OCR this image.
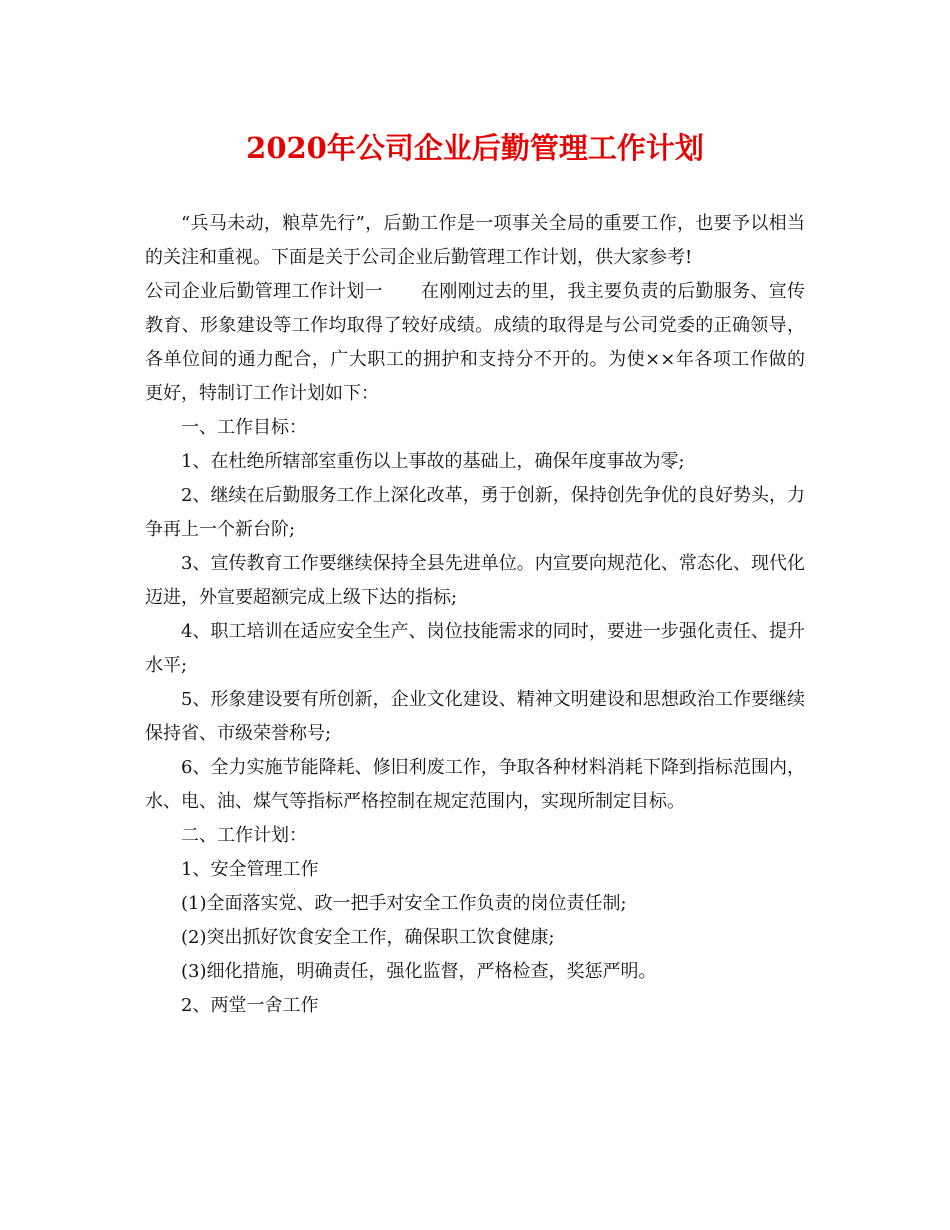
2020年公司企业后勤管理工作计划

“兵马未动，粮草先行”，后勤工作是一项事关全局的重要工作，也要予以相当的关注和重视。下面是关于公司企业后勤管理工作计划，供大家参考!

公司企业后勤管理工作计划一 在刚刚过去的里，我主要负责的后勤服务、宣传教育、形象建设等工作均取得了较好成绩。成绩的取得是与公司党委的正确领导，各单位间的通力配合，广大职工的拥护和支持分不开的。为使××年各项工作做的更好，特制订工作计划如下：

一、工作目标：

1、在杜绝所辖部室重伤以上事故的基础上，确保年度事故为零;

2、继续在后勤服务工作上深化改革，勇于创新，保持创先争优的良好势头，力争再上一个新台阶;

3、宣传教育工作要继续保持全县先进单位。内宣要向规范化、常态化、现代化迈进，外宣要超额完成上级下达的指标;

4、职工培训在适应安全生产、岗位技能需求的同时，要进一步强化责任、提升水平;

5、形象建设要有所创新，企业文化建设、精神文明建设和思想政治工作要继续保持省、市级荣誉称号;

6、全力实施节能降耗、修旧利废工作，争取各种材料消耗下降到指标范围内，水、电、油、煤气等指标严格控制在规定范围内，实现所制定目标。

二、工作计划：

1、安全管理工作

(1)全面落实党、政一把手对安全工作负责的岗位责任制;

(2)突出抓好饮食安全工作，确保职工饮食健康;

(3)细化措施，明确责任，强化监督，严格检查，奖惩严明。

2、两堂一舍工作
